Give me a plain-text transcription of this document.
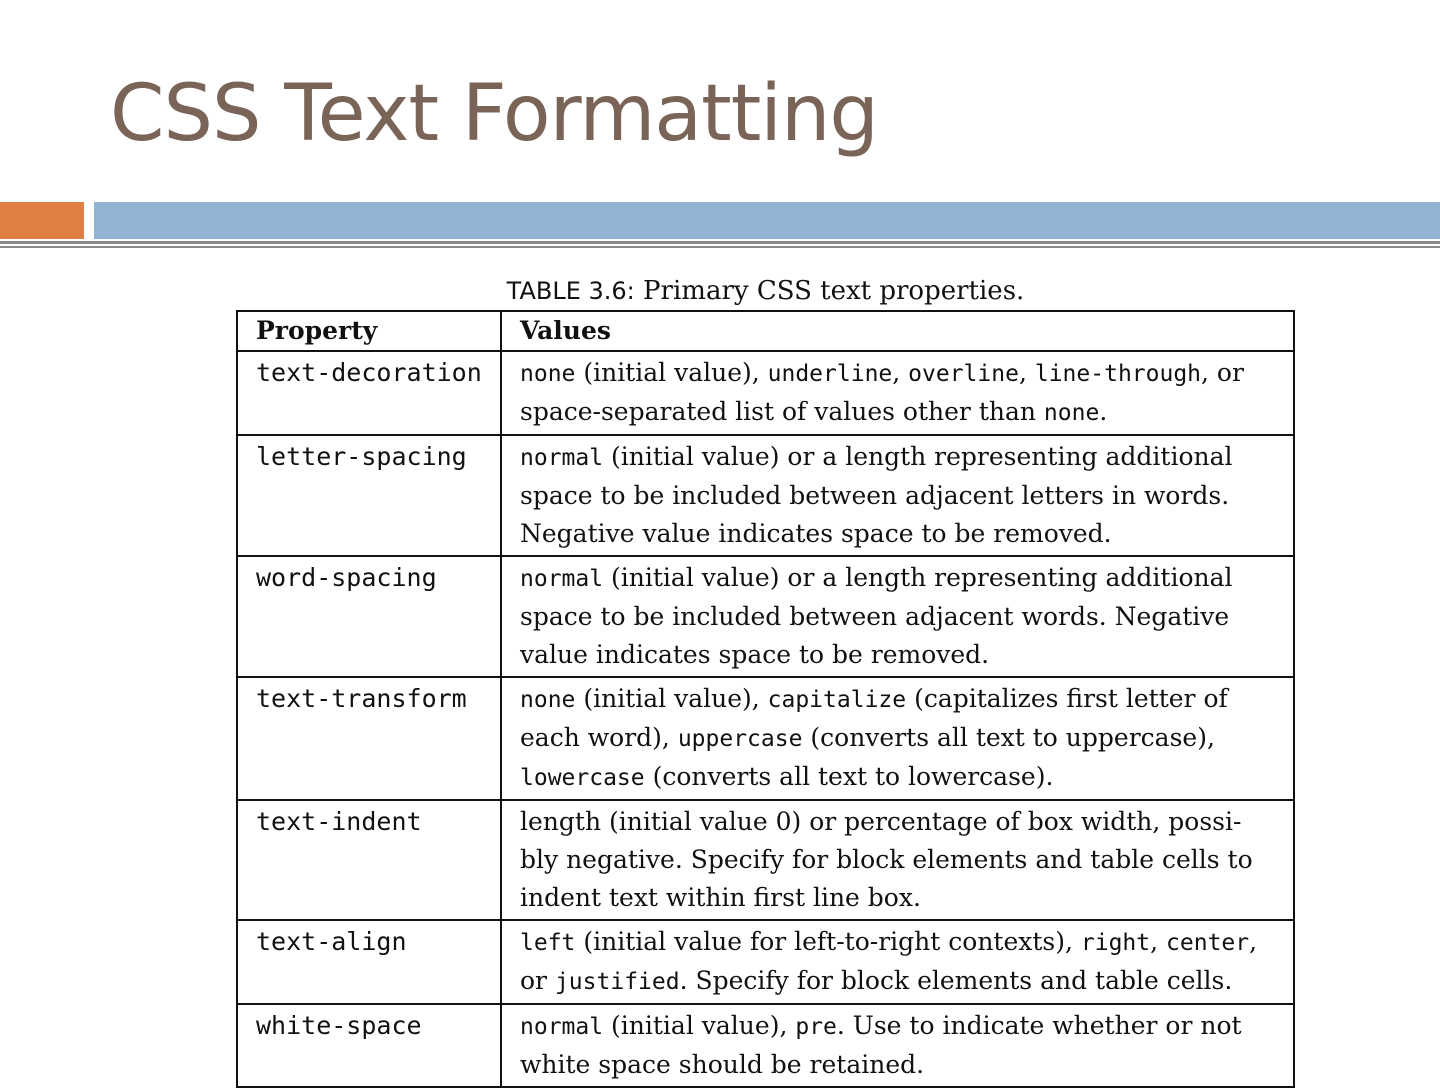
CSS Text Formatting
TABLE 3.6: Primary CSS text properties.
Property	Values
text-decoration	none (initial value), underline, overline, line-through, or space-separated list of values other than none.
letter-spacing	normal (initial value) or a length representing additional space to be included between adjacent letters in words. Negative value indicates space to be removed.
word-spacing	normal (initial value) or a length representing additional space to be included between adjacent words. Negative value indicates space to be removed.
text-transform	none (initial value), capitalize (capitalizes first letter of each word), uppercase (converts all text to uppercase), lowercase (converts all text to lowercase).
text-indent	length (initial value 0) or percentage of box width, possi-bly negative. Specify for block elements and table cells to indent text within first line box.
text-align	left (initial value for left-to-right contexts), right, center, or justified. Specify for block elements and table cells.
white-space	normal (initial value), pre. Use to indicate whether or not white space should be retained.
